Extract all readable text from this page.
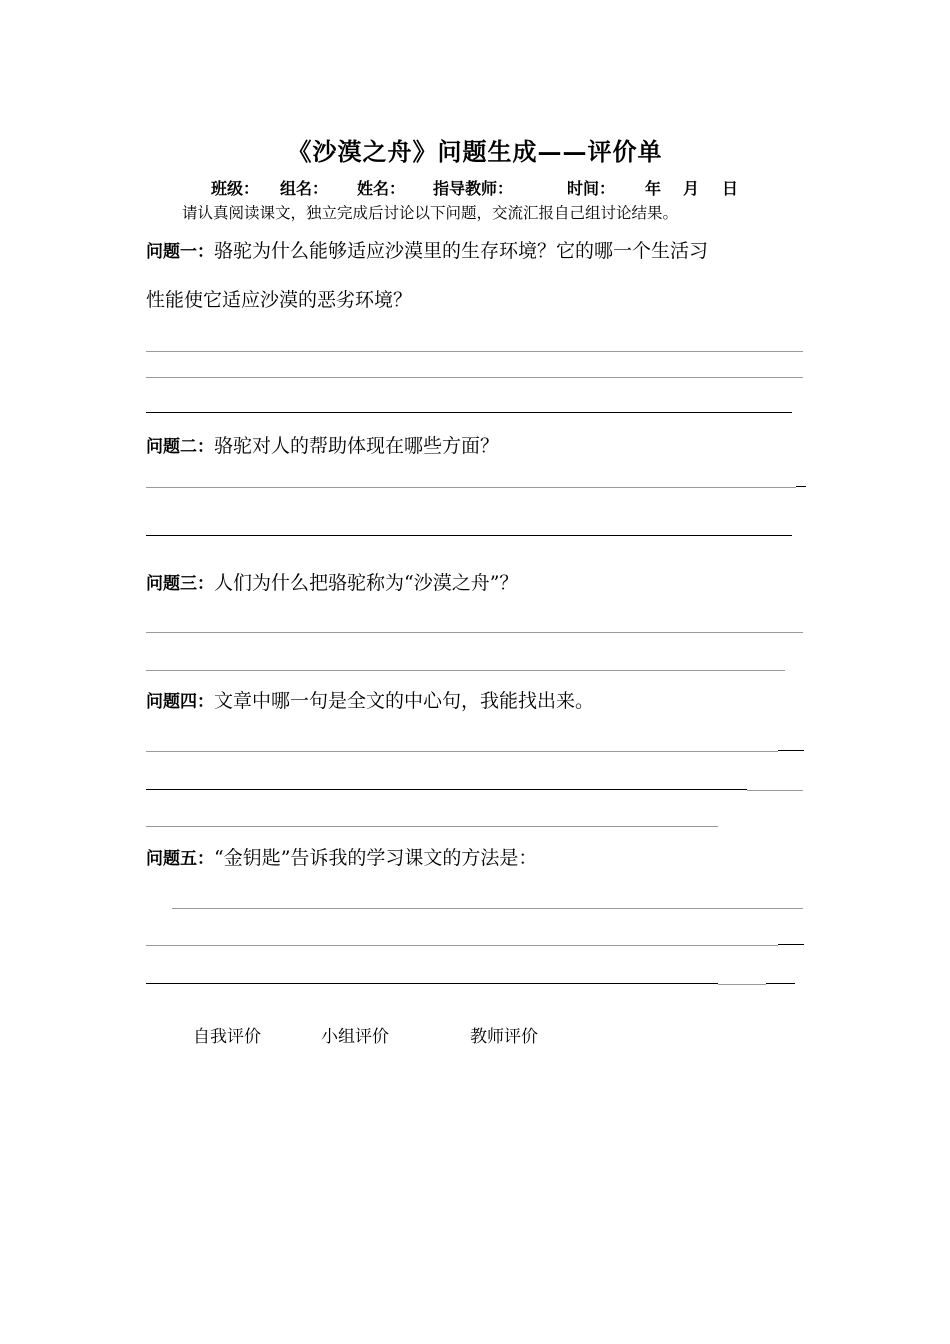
《沙漠之舟》问题生成——评价单
班级： 组名： 姓名： 指导教师：	时间： 年 月 日
请认真阅读课文，独立完成后讨论以下问题，交流汇报自己组讨论结果。
问题一：骆驼为什么能够适应沙漠里的生存环境？它的哪一个生活习
性能使它适应沙漠的恶劣环境？
问题二：骆驼对人的帮助体现在哪些方面？
问题三：人们为什么把骆驼称为“沙漠之舟”？
问题四：文章中哪一句是全文的中心句，我能找出来。
问题五：“金钥匙”告诉我的学习课文的方法是：
自我评价	小组评价	教师评价
